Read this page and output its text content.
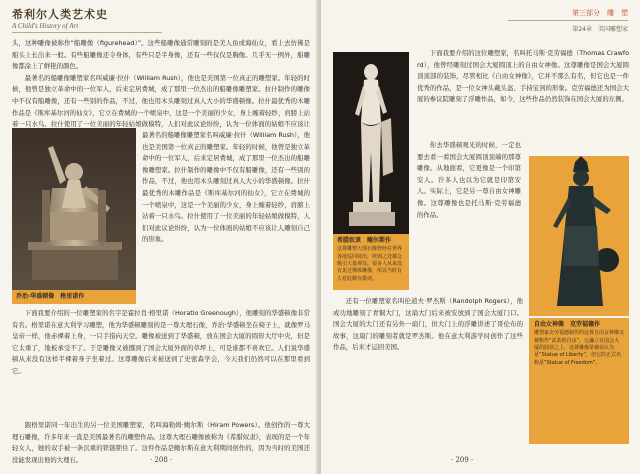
希利尔人类艺术史
A Child's History of Art

头，这种雕像被称作“船雕像（figurehead）”。这些船雕像通常雕刻的是美人鱼或海仙女，看上去仿佛是船头上长出来一般。有些船雕像还令身体，有些只是半身像，还有一些仅仅是胸像。几乎无一例外，船雕像都涂上了鲜艳的颜色。

最著名的船雕像雕塑家名叫威廉·拉什（William Rush），他也是美国第一位真正的雕塑家。年轻的时候，他曾是独立革命中的一位军人，后来定居费城，成了那里一位杰出的船雕像雕塑家。拉什制作的雕像中不仅有船雕像，还有一些别的作品，不过，他也用木头雕刻过真人大小的华盛顿像。拉什最优秀的木雕作品是《斯库基尔河的仙女》，它立在费城的一个喷泉中，这是一个美丽的少女，身上缠着轻纱，肩膀上站着一只水鸟。拉什使用了一位美丽的年轻姑娘做模特，人们对此议论纷纷，认为一位体面的姑娘不应该让

乔治·华盛顿像　格里诺作

最著名的船雕像雕塑家名叫威廉·拉什（William Rush），他也是美国第一位真正的雕塑家。年轻的时候，他曾是独立革命中的一位军人，后来定居费城，成了那里一位杰出的船雕像雕塑家。拉什制作的雕像中不仅有船雕像，还有一些别的作品，不过，他也用木头雕刻过真人大小的华盛顿像。拉什最优秀的木雕作品是《斯库基尔河的仙女》，它立在费城的一个喷泉中，这是一个美丽的少女，身上缠着轻纱，肩膀上站着一只水鸟。拉什使用了一位美丽的年轻姑娘做模特，人们对此议论纷纷，认为一位体面的姑娘不应该让人雕刻自己的形象。

下面我要介绍的一位雕塑家的名字是霍拉肖·格里诺（Horatio Greenough），他雕刻的华盛顿像非常有名。格里诺在意大利学习雕塑，他为华盛顿雕刻的是一尊大理石像，乔治·华盛顿坐在椅子上，就像罗马皇帝一样，他赤裸着上身，一只手指向天空。雕像被送到了华盛顿，放在国会大厦的圆形大厅中央，但是它太重了，地板承受不了。于是雕像又被挪到了国会大厦外面的草坪上，可是谁都不喜欢它。人们说华盛顿从来没有这样半裸着身子坐着过。这尊雕像后来被送到了史密森学会，今天我们仍然可以在那里看到它。

跟格里诺同一年出生的另一位美国雕塑家，名叫海勒姆·鲍尔斯（Hiram Powers）。他创作的一尊大理石雕像，许多年来一直是美国最著名的雕塑作品。这尊大理石雕像被称为《希腊奴隶》，表现的是一个年轻女人，她的双手被一条沉重的铁链锁住了。这件作品是鲍尔斯在意大利期间创作的，因为当时的美国还没能发现出他的大理石。	· 208 ·
第三部分　雕　塑
第24章　美国雕塑家
希腊奴隶　鲍尔斯作
这尊雕塑大理石像曾经在世界各地巡回展出，所到之处都会吸引大量观众。很多人从来没有见过裸体雕像，所以当时有人对此颇有微词。

下面我要介绍的这位雕塑家，名叫托马斯·克劳福德（Thomas Crawford），他曾经雕刻过国会大厦圆顶上的自由女神像。这尊雕像是国会大厦圆顶顶部的装饰，尽管相比《自由女神像》，它并不那么有名，但它也是一件优秀的作品，是一位女神头戴头盔、手持宝剑的形象。克劳福德还为国会大厦的参议院雕刻了浮雕作品，如今，这些作品仍然装饰在国会大厦的东侧。

你去华盛顿观光的时候，一定也要去看一看国会大厦圆顶顶端的那尊雕像。从地面看，它更像是一个印第安人。许多人也以为它就是印第安人。实际上，它是另一尊自由女神雕像。这尊雕像也是托马斯·克劳福德的作品。

自由女神像　克劳福德作
雕塑家克劳福德制作的这尊自由女神像又被称作“武装的自由”，它矗立在国会大厦的圆顶之上，这尊雕像常被误认为是“Statue of Liberty”，但它的正式名称是“Statue of Freedom”。

还有一位雕塑家名叫伦道夫·罗杰斯（Randolph Rogers），他成功地雕刻了青铜大门，这扇大门后来被安放到了国会大厦门口。国会大厦的大门还有另外一扇门，但大门上的浮雕讲述了哥伦布的故事，这扇门的雕刻者就是罗杰斯。他在意大利游学时创作了这些作品，后来才运回美国。

· 209 ·
